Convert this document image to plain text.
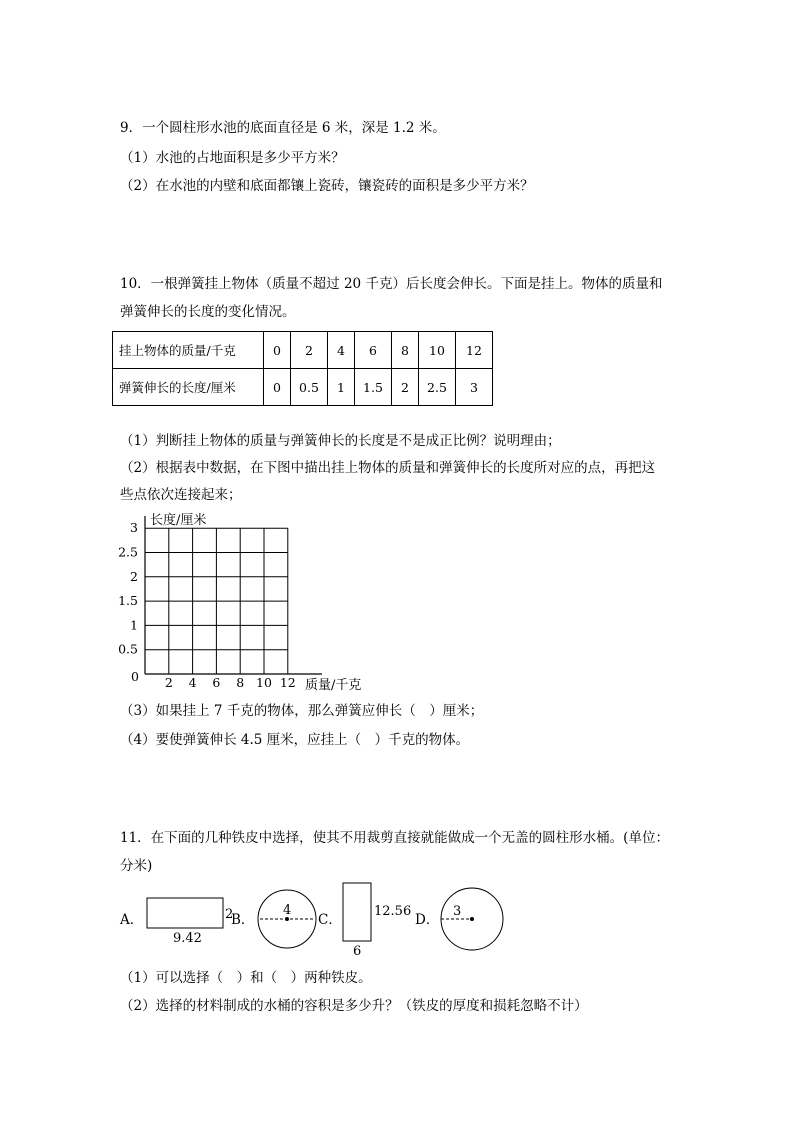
9．一个圆柱形水池的底面直径是 6 米，深是 1.2 米。
（1）水池的占地面积是多少平方米？
（2）在水池的内壁和底面都镶上瓷砖，镶瓷砖的面积是多少平方米？
10．一根弹簧挂上物体（质量不超过 20 千克）后长度会伸长。下面是挂上。物体的质量和
弹簧伸长的长度的变化情况。
挂上物体的质量/千克	0	2	4	6	8	10	12
弹簧伸长的长度/厘米	0	0.5	1	1.5	2	2.5	3
（1）判断挂上物体的质量与弹簧伸长的长度是不是成正比例？说明理由；
（2）根据表中数据，在下图中描出挂上物体的质量和弹簧伸长的长度所对应的点，再把这
些点依次连接起来；
长度/厘米
质量/千克
0 2 4 6 8 10 12
0.5
1
1.5
2
2.5
3
（3）如果挂上 7 千克的物体，那么弹簧应伸长（　）厘米；
（4）要使弹簧伸长 4.5 厘米，应挂上（　）千克的物体。
11．在下面的几种铁皮中选择，使其不用裁剪直接就能做成一个无盖的圆柱形水桶。(单位：
分米)
A．
9.42
2
B．
4
C．
12.56
6
D．
3
（1）可以选择（　）和（　）两种铁皮。
（2）选择的材料制成的水桶的容积是多少升？（铁皮的厚度和损耗忽略不计）
